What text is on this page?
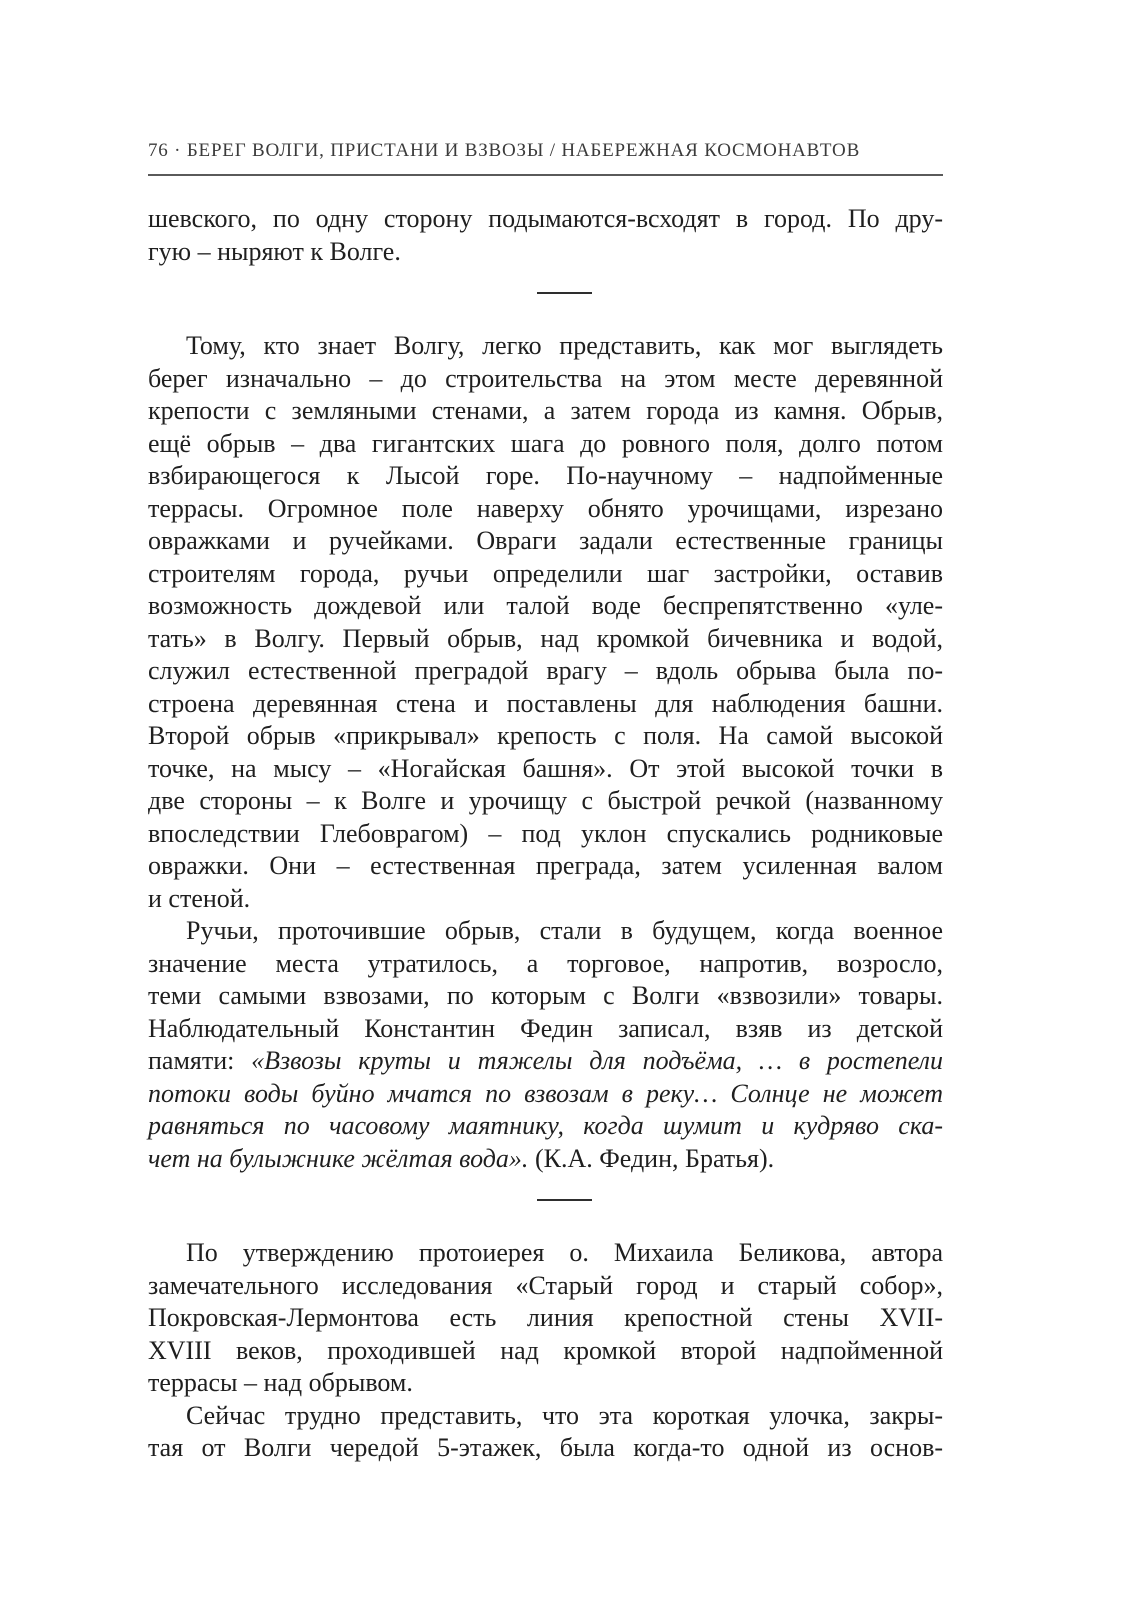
76 · БЕРЕГ ВОЛГИ, ПРИСТАНИ И ВЗВОЗЫ / НАБЕРЕЖНАЯ КОСМОНАВТОВ
шевского, по одну сторону подымаются-всходят в город. По дру-
гую – ныряют к Волге.
Тому, кто знает Волгу, легко представить, как мог выглядеть
берег изначально – до строительства на этом месте деревянной
крепости с земляными стенами, а затем города из камня. Обрыв,
ещё обрыв – два гигантских шага до ровного поля, долго потом
взбирающегося к Лысой горе. По-научному – надпойменные
террасы. Огромное поле наверху обнято урочищами, изрезано
овражками и ручейками. Овраги задали естественные границы
строителям города, ручьи определили шаг застройки, оставив
возможность дождевой или талой воде беспрепятственно «уле-
тать» в Волгу. Первый обрыв, над кромкой бичевника и водой,
служил естественной преградой врагу – вдоль обрыва была по-
строена деревянная стена и поставлены для наблюдения башни.
Второй обрыв «прикрывал» крепость с поля. На самой высокой
точке, на мысу – «Ногайская башня». От этой высокой точки в
две стороны – к Волге и урочищу с быстрой речкой (названному
впоследствии Глебоврагом) – под уклон спускались родниковые
овражки. Они – естественная преграда, затем усиленная валом
и стеной.
Ручьи, проточившие обрыв, стали в будущем, когда военное
значение места утратилось, а торговое, напротив, возросло,
теми самыми взвозами, по которым с Волги «взвозили» товары.
Наблюдательный Константин Федин записал, взяв из детской
памяти: «Взвозы круты и тяжелы для подъёма, … в ростепели
потоки воды буйно мчатся по взвозам в реку… Солнце не может
равняться по часовому маятнику, когда шумит и кудряво ска-
чет на булыжнике жёлтая вода». (К.А. Федин, Братья).
По утверждению протоиерея о. Михаила Беликова, автора
замечательного исследования «Старый город и старый собор»,
Покровская-Лермонтова есть линия крепостной стены XVII-
XVIII веков, проходившей над кромкой второй надпойменной
террасы – над обрывом.
Сейчас трудно представить, что эта короткая улочка, закры-
тая от Волги чередой 5-этажек, была когда-то одной из основ-
